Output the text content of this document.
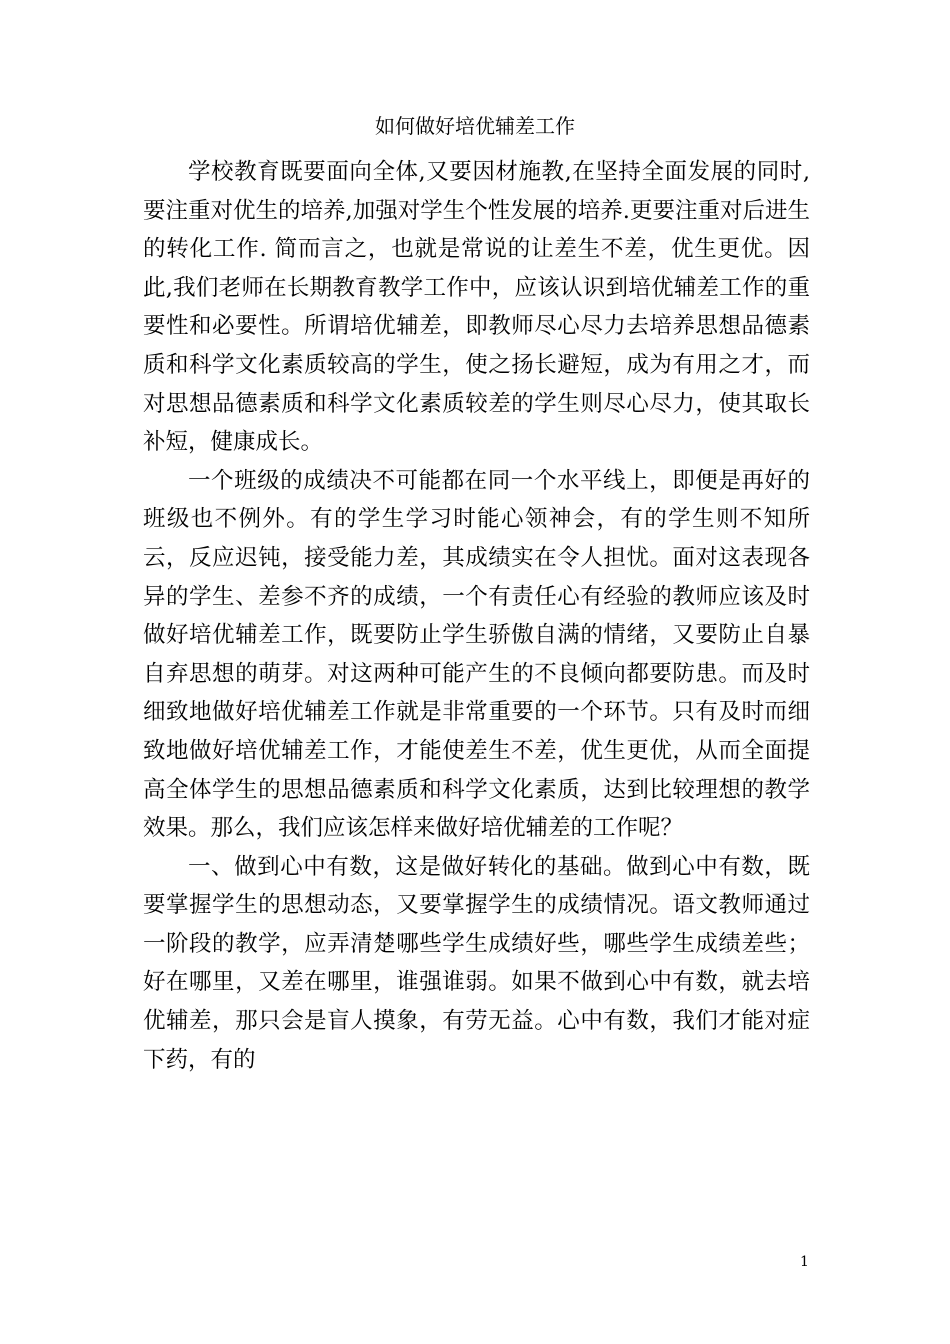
如何做好培优辅差工作

学校教育既要面向全体,又要因材施教,在坚持全面发展的同时,要注重对优生的培养,加强对学生个性发展的培养.更要注重对后进生的转化工作. 简而言之，也就是常说的让差生不差，优生更优。因此,我们老师在长期教育教学工作中，应该认识到培优辅差工作的重要性和必要性。所谓培优辅差，即教师尽心尽力去培养思想品德素质和科学文化素质较高的学生，使之扬长避短，成为有用之才，而对思想品德素质和科学文化素质较差的学生则尽心尽力，使其取长补短，健康成长。

一个班级的成绩决不可能都在同一个水平线上，即便是再好的班级也不例外。有的学生学习时能心领神会，有的学生则不知所云，反应迟钝，接受能力差，其成绩实在令人担忧。面对这表现各异的学生、差参不齐的成绩，一个有责任心有经验的教师应该及时做好培优辅差工作，既要防止学生骄傲自满的情绪，又要防止自暴自弃思想的萌芽。对这两种可能产生的不良倾向都要防患。而及时细致地做好培优辅差工作就是非常重要的一个环节。只有及时而细致地做好培优辅差工作，才能使差生不差，优生更优，从而全面提高全体学生的思想品德素质和科学文化素质，达到比较理想的教学效果。那么，我们应该怎样来做好培优辅差的工作呢？

一、做到心中有数，这是做好转化的基础。做到心中有数，既要掌握学生的思想动态，又要掌握学生的成绩情况。语文教师通过一阶段的教学，应弄清楚哪些学生成绩好些，哪些学生成绩差些；好在哪里，又差在哪里，谁强谁弱。如果不做到心中有数，就去培优辅差，那只会是盲人摸象，有劳无益。心中有数，我们才能对症下药，有的

1
